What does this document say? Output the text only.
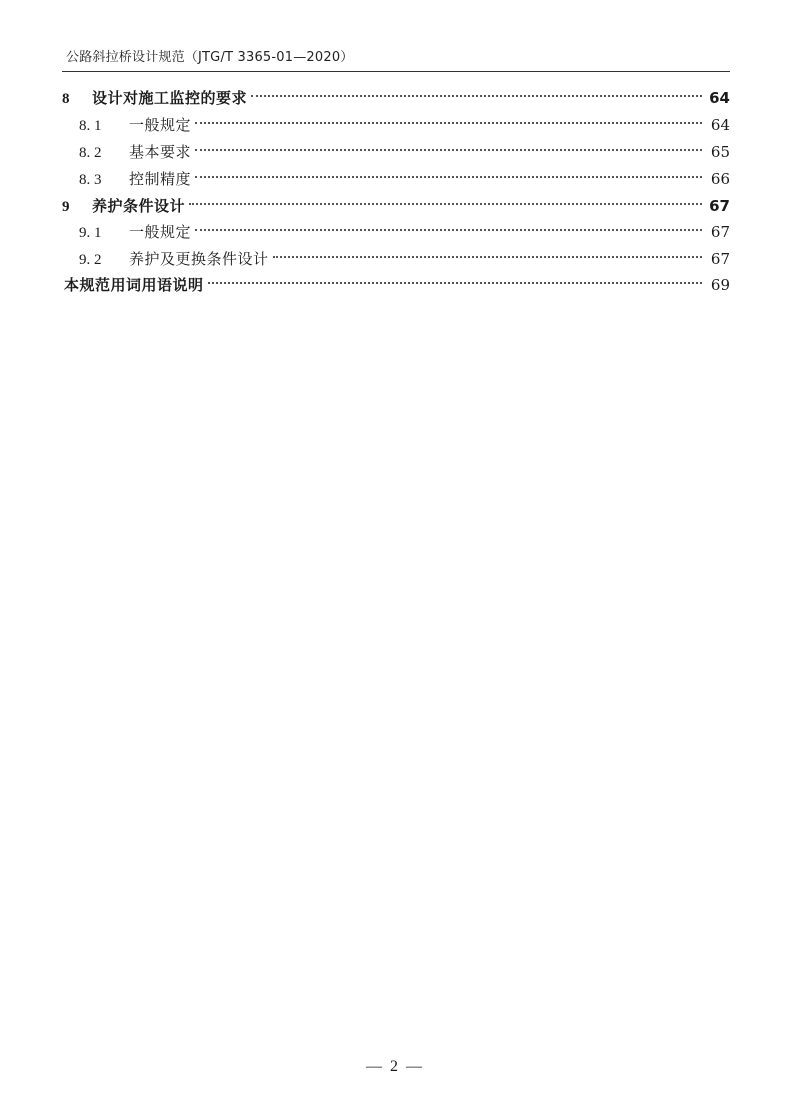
公路斜拉桥设计规范（JTG/T 3365-01—2020）
8	设计对施工监控的要求	64
8. 1	一般规定	64
8. 2	基本要求	65
8. 3	控制精度	66
9	养护条件设计	67
9. 1	一般规定	67
9. 2	养护及更换条件设计	67
本规范用词用语说明	69
— 2 —
